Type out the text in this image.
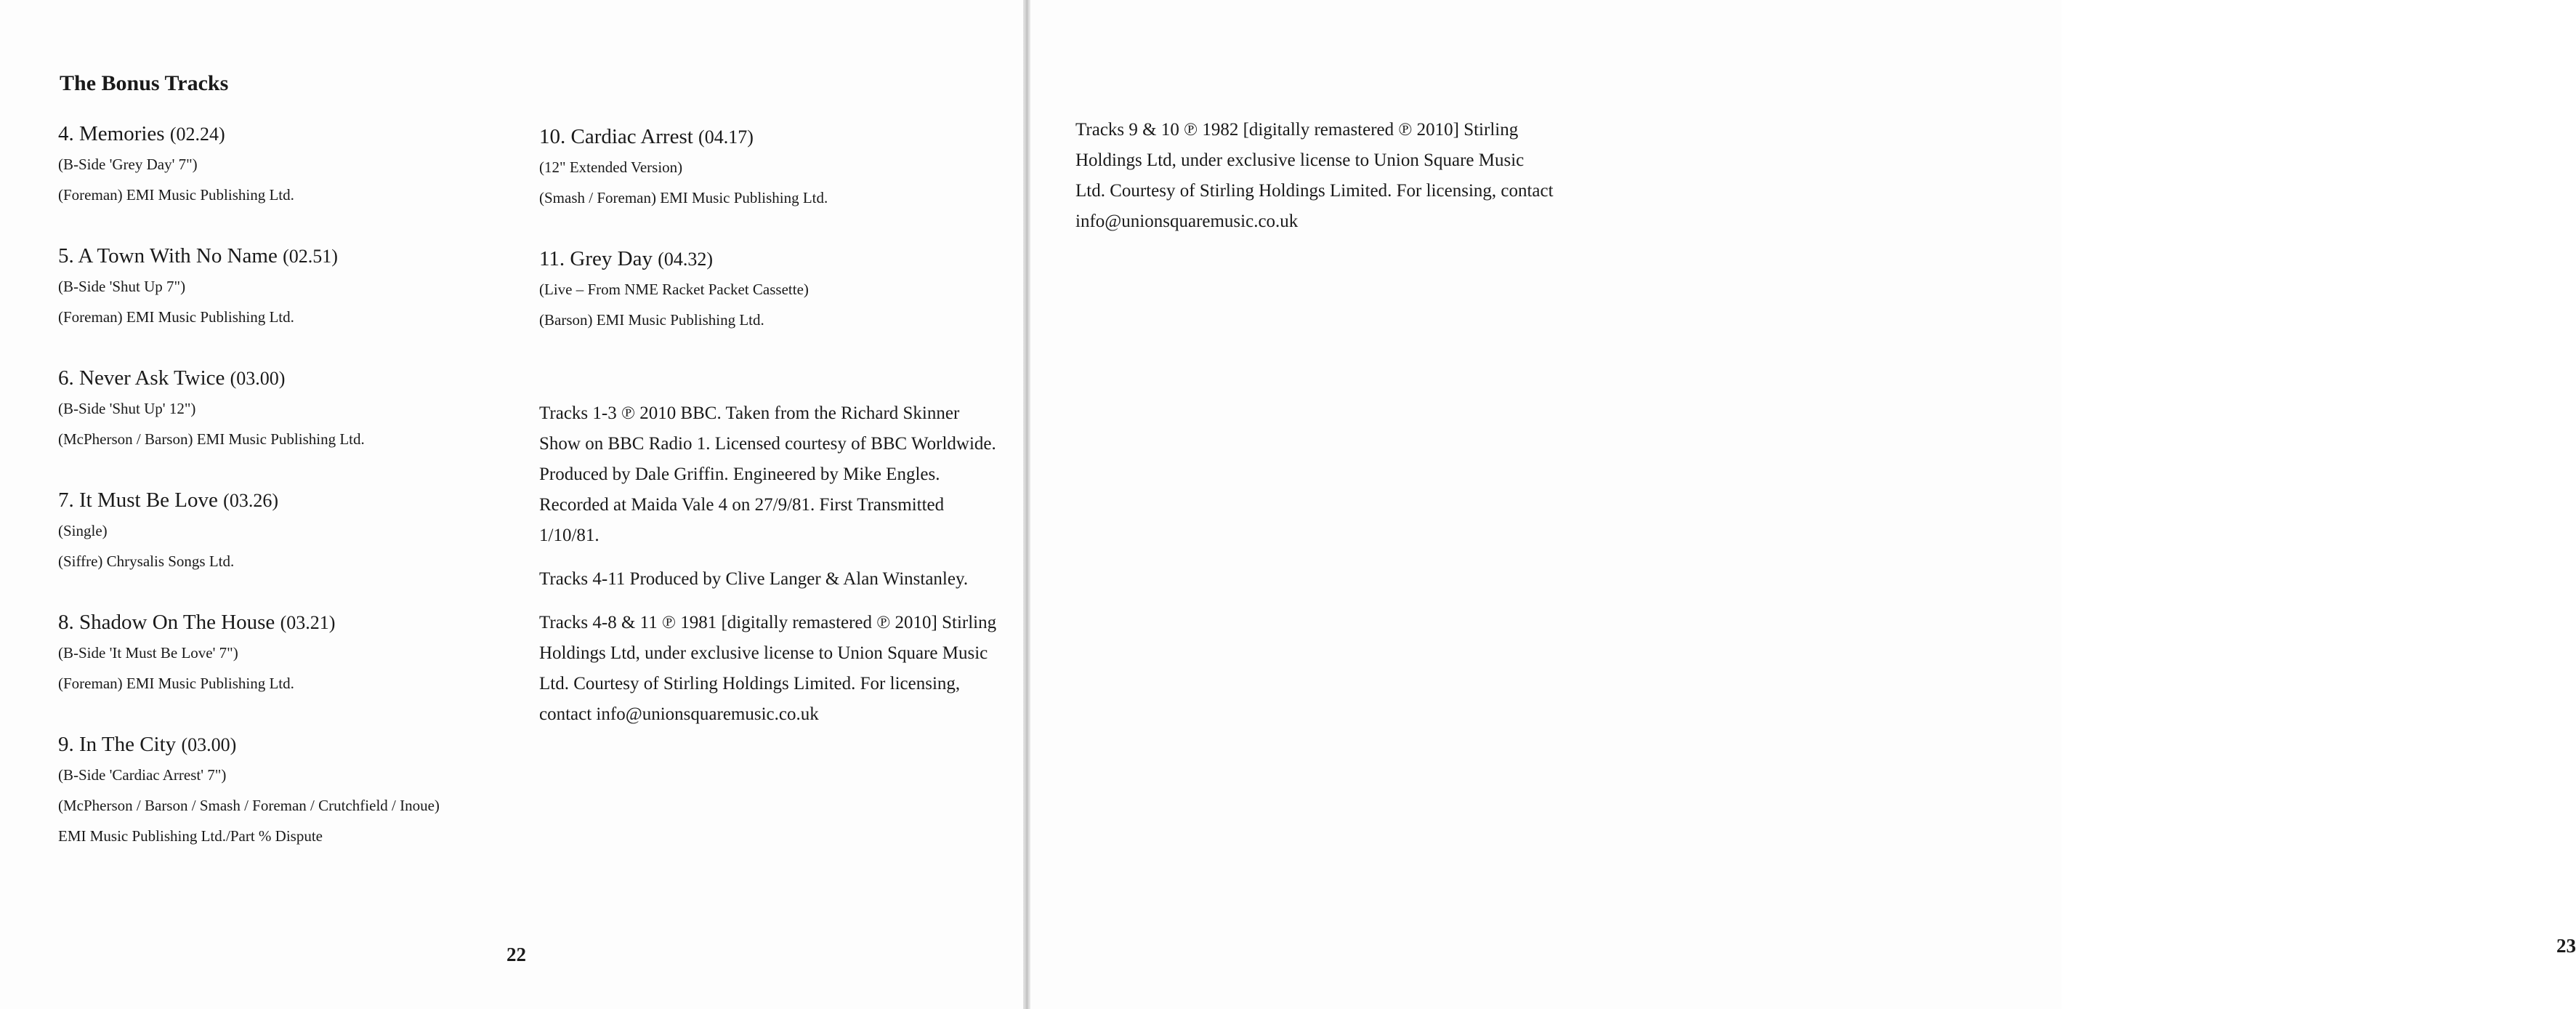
The Bonus Tracks
4. Memories (02.24)
(B-Side 'Grey Day' 7")
(Foreman) EMI Music Publishing Ltd.
5. A Town With No Name (02.51)
(B-Side 'Shut Up 7")
(Foreman) EMI Music Publishing Ltd.
6. Never Ask Twice (03.00)
(B-Side 'Shut Up' 12")
(McPherson / Barson) EMI Music Publishing Ltd.
7. It Must Be Love (03.26)
(Single)
(Siffre) Chrysalis Songs Ltd.
8. Shadow On The House (03.21)
(B-Side 'It Must Be Love' 7")
(Foreman) EMI Music Publishing Ltd.
9. In The City (03.00)
(B-Side 'Cardiac Arrest' 7")
(McPherson / Barson / Smash / Foreman / Crutchfield / Inoue)
EMI Music Publishing Ltd./Part % Dispute
10. Cardiac Arrest (04.17)
(12" Extended Version)
(Smash / Foreman) EMI Music Publishing Ltd.
11. Grey Day (04.32)
(Live – From NME Racket Packet Cassette)
(Barson) EMI Music Publishing Ltd.

Tracks 1-3 ℗ 2010 BBC. Taken from the Richard Skinner Show on BBC Radio 1. Licensed courtesy of BBC Worldwide. Produced by Dale Griffin. Engineered by Mike Engles. Recorded at Maida Vale 4 on 27/9/81. First Transmitted 1/10/81.

Tracks 4-11 Produced by Clive Langer & Alan Winstanley.

Tracks 4-8 & 11 ℗ 1981 [digitally remastered ℗ 2010] Stirling Holdings Ltd, under exclusive license to Union Square Music Ltd. Courtesy of Stirling Holdings Limited. For licensing, contact info@unionsquaremusic.co.uk

22	23

Tracks 9 & 10 ℗ 1982 [digitally remastered ℗ 2010] Stirling Holdings Ltd, under exclusive license to Union Square Music Ltd. Courtesy of Stirling Holdings Limited. For licensing, contact info@unionsquaremusic.co.uk
